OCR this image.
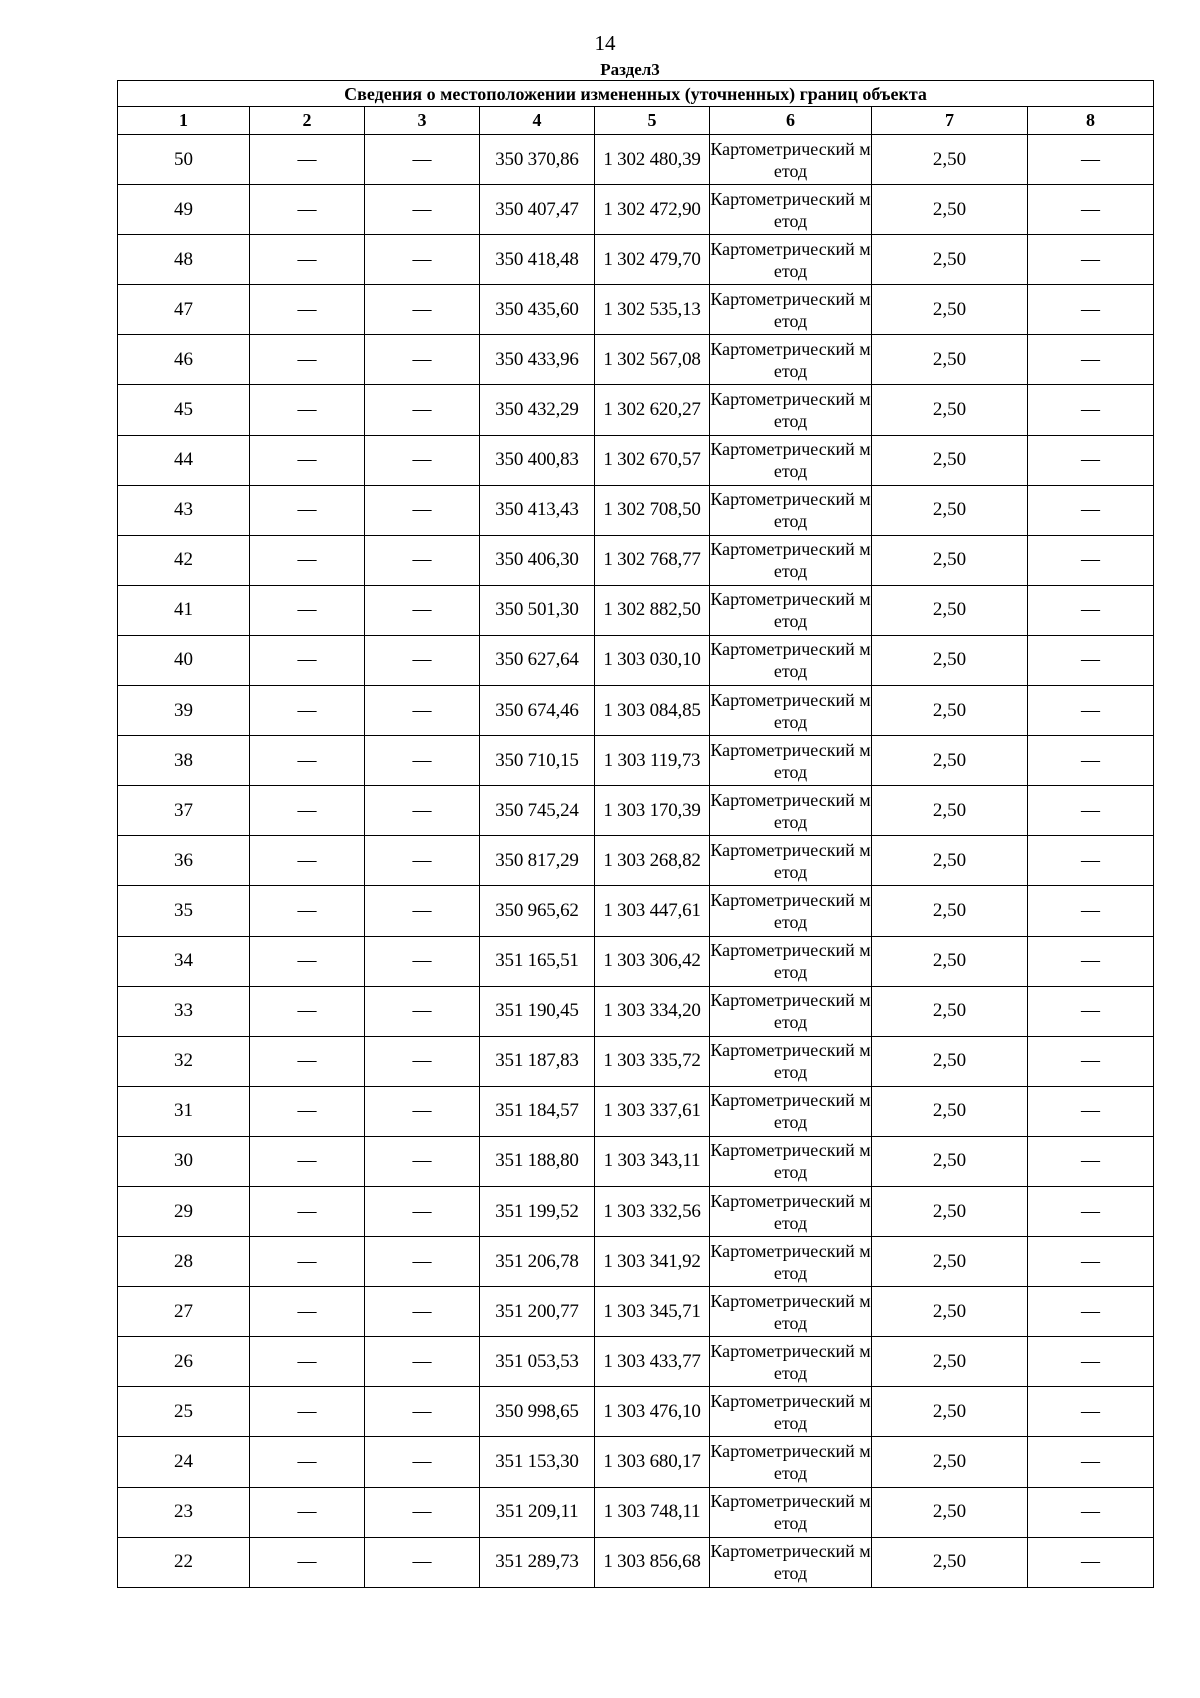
14
Раздел3
Сведения о местоположении измененных (уточненных) границ объекта							
1	2	3	4	5	6	7	8
50	—	—	350 370,86	1 302 480,39	Картометрический метод	2,50	—
49	—	—	350 407,47	1 302 472,90	Картометрический метод	2,50	—
48	—	—	350 418,48	1 302 479,70	Картометрический метод	2,50	—
47	—	—	350 435,60	1 302 535,13	Картометрический метод	2,50	—
46	—	—	350 433,96	1 302 567,08	Картометрический метод	2,50	—
45	—	—	350 432,29	1 302 620,27	Картометрический метод	2,50	—
44	—	—	350 400,83	1 302 670,57	Картометрический метод	2,50	—
43	—	—	350 413,43	1 302 708,50	Картометрический метод	2,50	—
42	—	—	350 406,30	1 302 768,77	Картометрический метод	2,50	—
41	—	—	350 501,30	1 302 882,50	Картометрический метод	2,50	—
40	—	—	350 627,64	1 303 030,10	Картометрический метод	2,50	—
39	—	—	350 674,46	1 303 084,85	Картометрический метод	2,50	—
38	—	—	350 710,15	1 303 119,73	Картометрический метод	2,50	—
37	—	—	350 745,24	1 303 170,39	Картометрический метод	2,50	—
36	—	—	350 817,29	1 303 268,82	Картометрический метод	2,50	—
35	—	—	350 965,62	1 303 447,61	Картометрический метод	2,50	—
34	—	—	351 165,51	1 303 306,42	Картометрический метод	2,50	—
33	—	—	351 190,45	1 303 334,20	Картометрический метод	2,50	—
32	—	—	351 187,83	1 303 335,72	Картометрический метод	2,50	—
31	—	—	351 184,57	1 303 337,61	Картометрический метод	2,50	—
30	—	—	351 188,80	1 303 343,11	Картометрический метод	2,50	—
29	—	—	351 199,52	1 303 332,56	Картометрический метод	2,50	—
28	—	—	351 206,78	1 303 341,92	Картометрический метод	2,50	—
27	—	—	351 200,77	1 303 345,71	Картометрический метод	2,50	—
26	—	—	351 053,53	1 303 433,77	Картометрический метод	2,50	—
25	—	—	350 998,65	1 303 476,10	Картометрический метод	2,50	—
24	—	—	351 153,30	1 303 680,17	Картометрический метод	2,50	—
23	—	—	351 209,11	1 303 748,11	Картометрический метод	2,50	—
22	—	—	351 289,73	1 303 856,68	Картометрический метод	2,50	—
